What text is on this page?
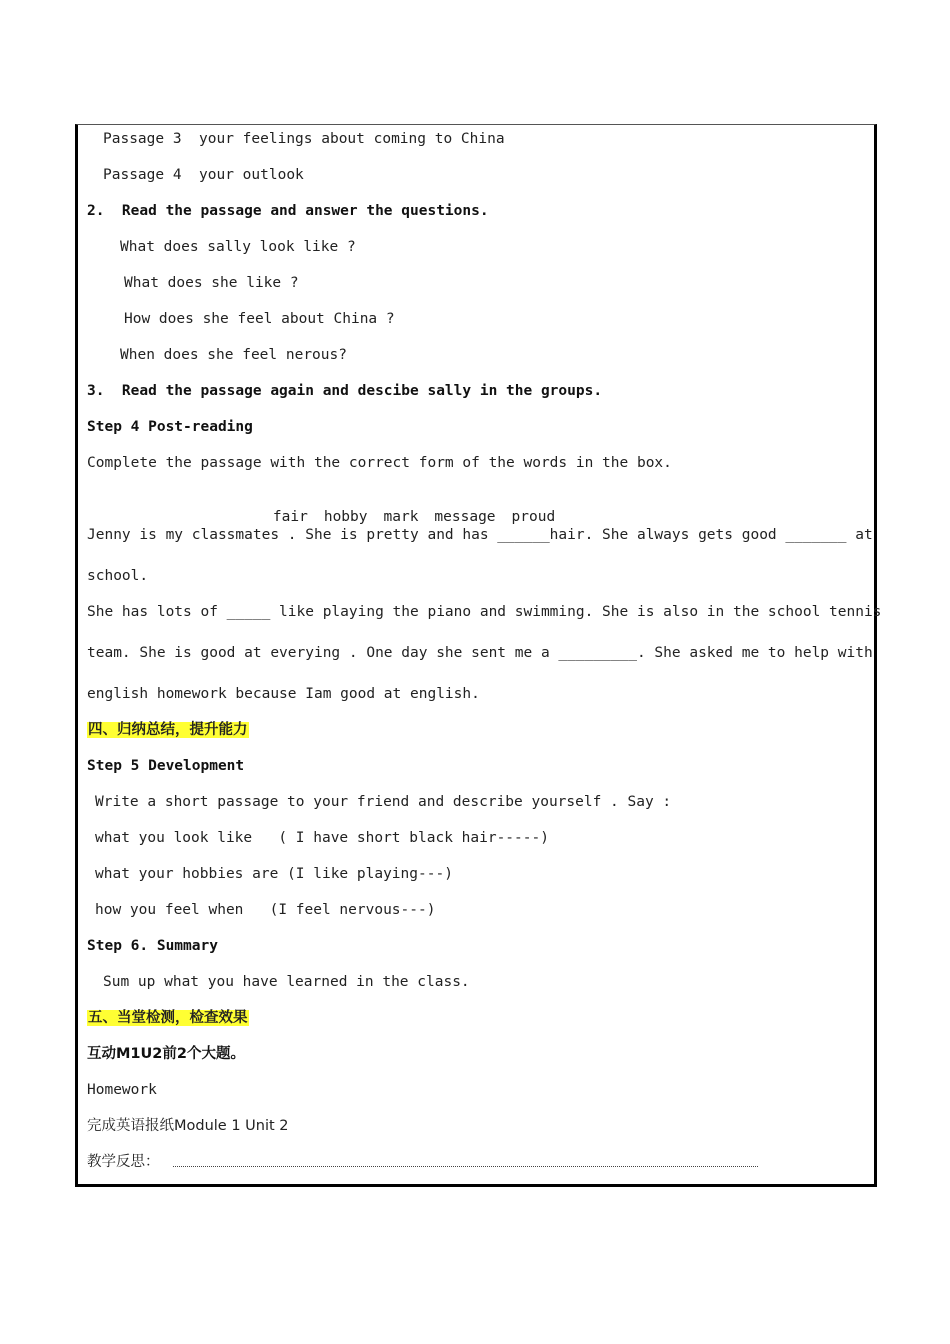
Passage 3  your feelings about coming to China
Passage 4  your outlook
2.  Read the passage and answer the questions.
What does sally look like ?
What does she like ?
How does she feel about China ?
When does she feel nerous?
3.  Read the passage again and descibe sally in the groups.
Step 4 Post-reading
Complete the passage with the correct form of the words in the box.

fair hobby mark message proud

Jenny is my classmates . She is pretty and has ______hair. She always gets good _______ at
school.
She has lots of _____ like playing the piano and swimming. She is also in the school tennis
team. She is good at everying . One day she sent me a _________. She asked me to help with
english homework because Iam good at english.
四、归纳总结，提升能力
Step 5 Development
Write a short passage to your friend and describe yourself . Say :
what you look like   ( I have short black hair-----)
what your hobbies are (I like playing---)
how you feel when   (I feel nervous---)
Step 6. Summary
Sum up what you have learned in the class.
五、当堂检测，检查效果
互动M1U2前2个大题。
Homework
完成英语报纸Module 1 Unit 2
教学反思：
